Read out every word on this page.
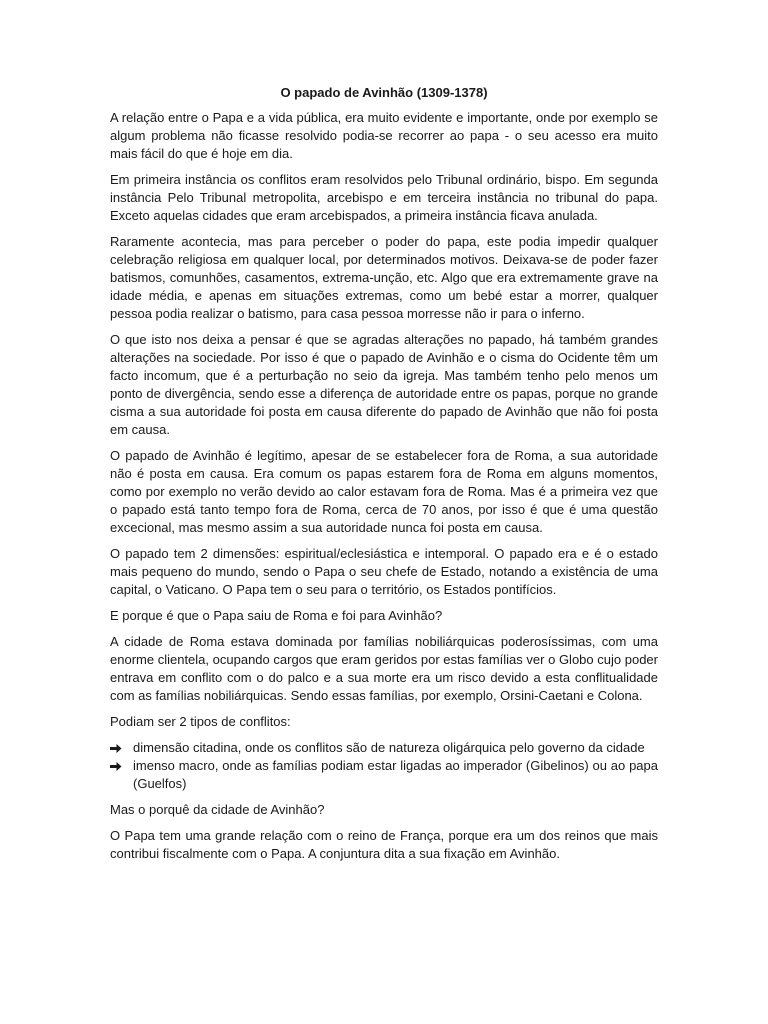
O papado de Avinhão (1309-1378)

A relação entre o Papa e a vida pública, era muito evidente e importante, onde por exemplo se algum problema não ficasse resolvido podia-se recorrer ao papa - o seu acesso era muito mais fácil do que é hoje em dia.

Em primeira instância os conflitos eram resolvidos pelo Tribunal ordinário, bispo. Em segunda instância Pelo Tribunal metropolita, arcebispo e em terceira instância no tribunal do papa. Exceto aquelas cidades que eram arcebispados, a primeira instância ficava anulada.

Raramente acontecia, mas para perceber o poder do papa, este podia impedir qualquer celebração religiosa em qualquer local, por determinados motivos. Deixava-se de poder fazer batismos, comunhões, casamentos, extrema-unção, etc. Algo que era extremamente grave na idade média, e apenas em situações extremas, como um bebé estar a morrer, qualquer pessoa podia realizar o batismo, para casa pessoa morresse não ir para o inferno.

O que isto nos deixa a pensar é que se agradas alterações no papado, há também grandes alterações na sociedade. Por isso é que o papado de Avinhão e o cisma do Ocidente têm um facto incomum, que é a perturbação no seio da igreja. Mas também tenho pelo menos um ponto de divergência, sendo esse a diferença de autoridade entre os papas, porque no grande cisma a sua autoridade foi posta em causa diferente do papado de Avinhão que não foi posta em causa.

O papado de Avinhão é legítimo, apesar de se estabelecer fora de Roma, a sua autoridade não é posta em causa. Era comum os papas estarem fora de Roma em alguns momentos, como por exemplo no verão devido ao calor estavam fora de Roma. Mas é a primeira vez que o papado está tanto tempo fora de Roma, cerca de 70 anos, por isso é que é uma questão excecional, mas mesmo assim a sua autoridade nunca foi posta em causa.

O papado tem 2 dimensões: espiritual/eclesiástica e intemporal. O papado era e é o estado mais pequeno do mundo, sendo o Papa o seu chefe de Estado, notando a existência de uma capital, o Vaticano. O Papa tem o seu para o território, os Estados pontifícios.

E porque é que o Papa saiu de Roma e foi para Avinhão?

A cidade de Roma estava dominada por famílias nobiliárquicas poderosíssimas, com uma enorme clientela, ocupando cargos que eram geridos por estas famílias ver o Globo cujo poder entrava em conflito com o do palco e a sua morte era um risco devido a esta conflitualidade com as famílias nobiliárquicas. Sendo essas famílias, por exemplo, Orsini-Caetani e Colona.

Podiam ser 2 tipos de conflitos:

dimensão citadina, onde os conflitos são de natureza oligárquica pelo governo da cidade
imenso macro, onde as famílias podiam estar ligadas ao imperador (Gibelinos) ou ao papa (Guelfos)

Mas o porquê da cidade de Avinhão?

O Papa tem uma grande relação com o reino de França, porque era um dos reinos que mais contribui fiscalmente com o Papa. A conjuntura dita a sua fixação em Avinhão.
